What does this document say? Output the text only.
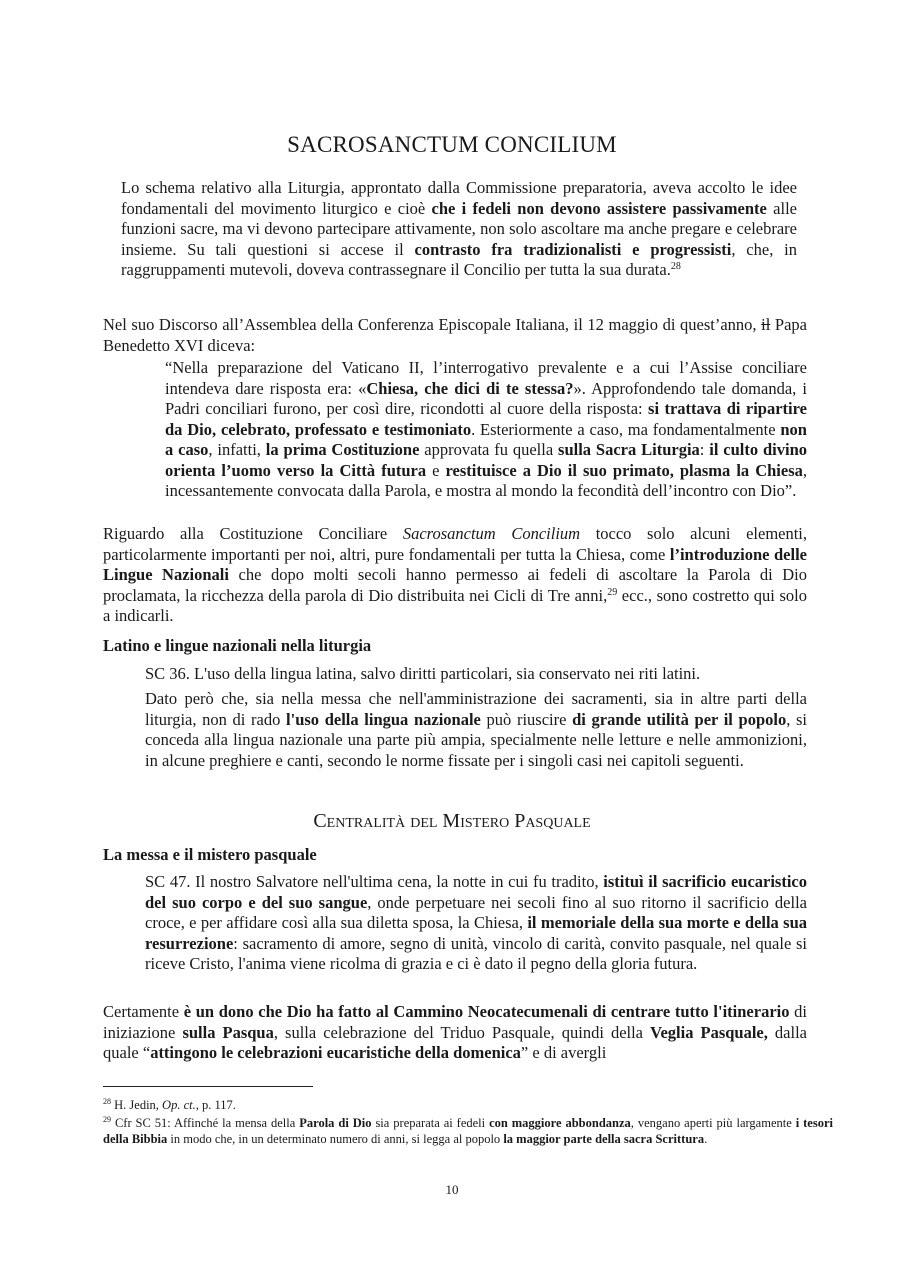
SACROSANCTUM CONCILIUM

Lo schema relativo alla Liturgia, approntato dalla Commissione preparatoria, aveva accolto le idee fondamentali del movimento liturgico e cioè che i fedeli non devono assistere passivamente alle funzioni sacre, ma vi devono partecipare attivamente, non solo ascoltare ma anche pregare e celebrare insieme. Su tali questioni si accese il contrasto fra tradizionalisti e progressisti, che, in raggruppamenti mutevoli, doveva contrassegnare il Concilio per tutta la sua durata.$^{28}$

Nel suo Discorso all’Assemblea della Conferenza Episcopale Italiana, il 12 maggio di quest’anno, il Papa Benedetto XVI diceva:

“Nella preparazione del Vaticano II, l’interrogativo prevalente e a cui l’Assise conciliare intendeva dare risposta era: «Chiesa, che dici di te stessa?». Approfondendo tale domanda, i Padri conciliari furono, per così dire, ricondotti al cuore della risposta: si trattava di ripartire da Dio, celebrato, professato e testimoniato. Esteriormente a caso, ma fondamentalmente non a caso, infatti, la prima Costituzione approvata fu quella sulla Sacra Liturgia: il culto divino orienta l’uomo verso la Città futura e restituisce a Dio il suo primato, plasma la Chiesa, incessantemente convocata dalla Parola, e mostra al mondo la fecondità dell’incontro con Dio”.

Riguardo alla Costituzione Conciliare Sacrosanctum Concilium tocco solo alcuni elementi, particolarmente importanti per noi, altri, pure fondamentali per tutta la Chiesa, come l’introduzione delle Lingue Nazionali che dopo molti secoli hanno permesso ai fedeli di ascoltare la Parola di Dio proclamata, la ricchezza della parola di Dio distribuita nei Cicli di Tre anni,$^{29}$ ecc., sono costretto qui solo a indicarli.

Latino e lingue nazionali nella liturgia

SC 36. L'uso della lingua latina, salvo diritti particolari, sia conservato nei riti latini.

Dato però che, sia nella messa che nell'amministrazione dei sacramenti, sia in altre parti della liturgia, non di rado l'uso della lingua nazionale può riuscire di grande utilità per il popolo, si conceda alla lingua nazionale una parte più ampia, specialmente nelle letture e nelle ammonizioni, in alcune preghiere e canti, secondo le norme fissate per i singoli casi nei capitoli seguenti.

Centralità del Mistero Pasquale
La messa e il mistero pasquale

SC 47. Il nostro Salvatore nell'ultima cena, la notte in cui fu tradito, istituì il sacrificio eucaristico del suo corpo e del suo sangue, onde perpetuare nei secoli fino al suo ritorno il sacrificio della croce, e per affidare così alla sua diletta sposa, la Chiesa, il memoriale della sua morte e della sua resurrezione: sacramento di amore, segno di unità, vincolo di carità, convito pasquale, nel quale si riceve Cristo, l'anima viene ricolma di grazia e ci è dato il pegno della gloria futura.

Certamente è un dono che Dio ha fatto al Cammino Neocatecumenali di centrare tutto l'itinerario di iniziazione sulla Pasqua, sulla celebrazione del Triduo Pasquale, quindi della Veglia Pasquale, dalla quale “attingono le celebrazioni eucaristiche della domenica” e di avergli

$^{28}$ H. Jedin, Op. ct., p. 117.
$^{29}$ Cfr SC 51: Affinché la mensa della Parola di Dio sia preparata ai fedeli con maggiore abbondanza, vengano aperti più largamente i tesori della Bibbia in modo che, in un determinato numero di anni, si legga al popolo la maggior parte della sacra Scrittura.
10
